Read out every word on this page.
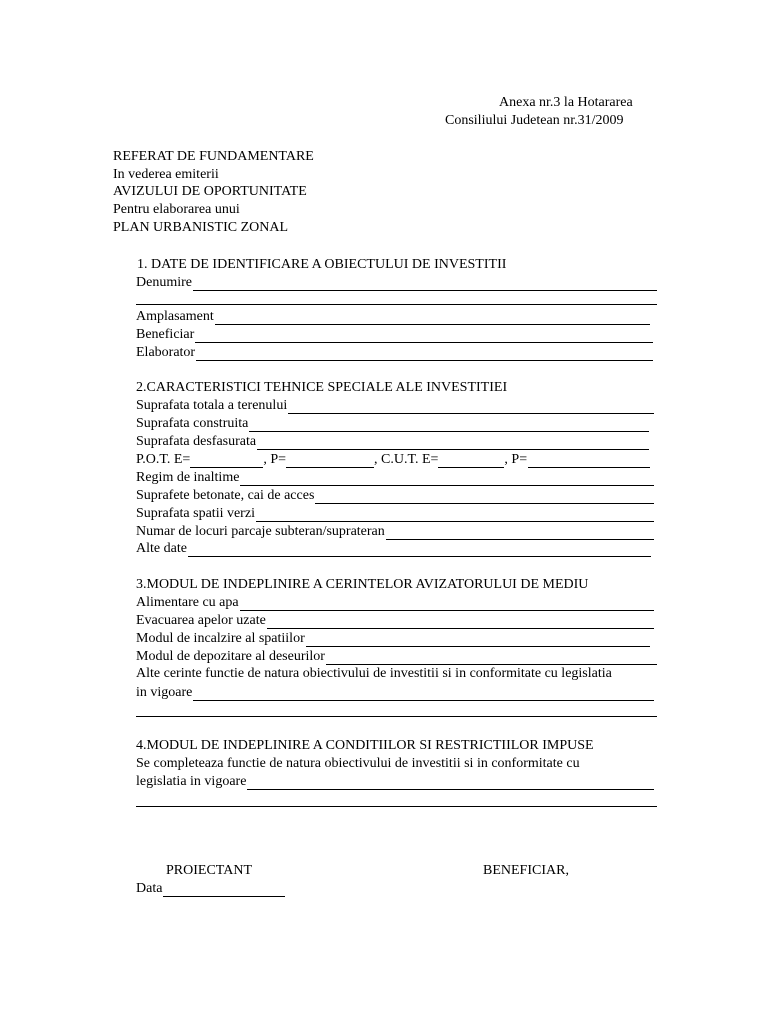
Anexa nr.3 la Hotararea
Consiliului Judetean nr.31/2009
REFERAT DE FUNDAMENTARE
In vederea emiterii
AVIZULUI DE OPORTUNITATE
Pentru elaborarea unui
PLAN URBANISTIC ZONAL
1. DATE DE IDENTIFICARE A OBIECTULUI DE INVESTITII
Denumire
Amplasament
Beneficiar
Elaborator
2.CARACTERISTICI TEHNICE SPECIALE ALE INVESTITIEI
Suprafata totala a terenului
Suprafata construita
Suprafata desfasurata
P.O.T. E=	, P=	, C.U.T. E=	, P=
Regim de inaltime
Suprafete betonate, cai de acces
Suprafata spatii verzi
Numar de locuri parcaje subteran/suprateran
Alte date
3.MODUL DE INDEPLINIRE A CERINTELOR AVIZATORULUI DE MEDIU
Alimentare cu apa
Evacuarea apelor uzate
Modul de incalzire al spatiilor
Modul de depozitare al deseurilor
Alte cerinte functie de natura obiectivului de investitii si in conformitate cu legislatia
in vigoare
4.MODUL DE INDEPLINIRE A CONDITIILOR SI RESTRICTIILOR IMPUSE
Se completeaza functie de natura obiectivului de investitii si in conformitate cu
legislatia in vigoare
PROIECTANT	BENEFICIAR,
Data
